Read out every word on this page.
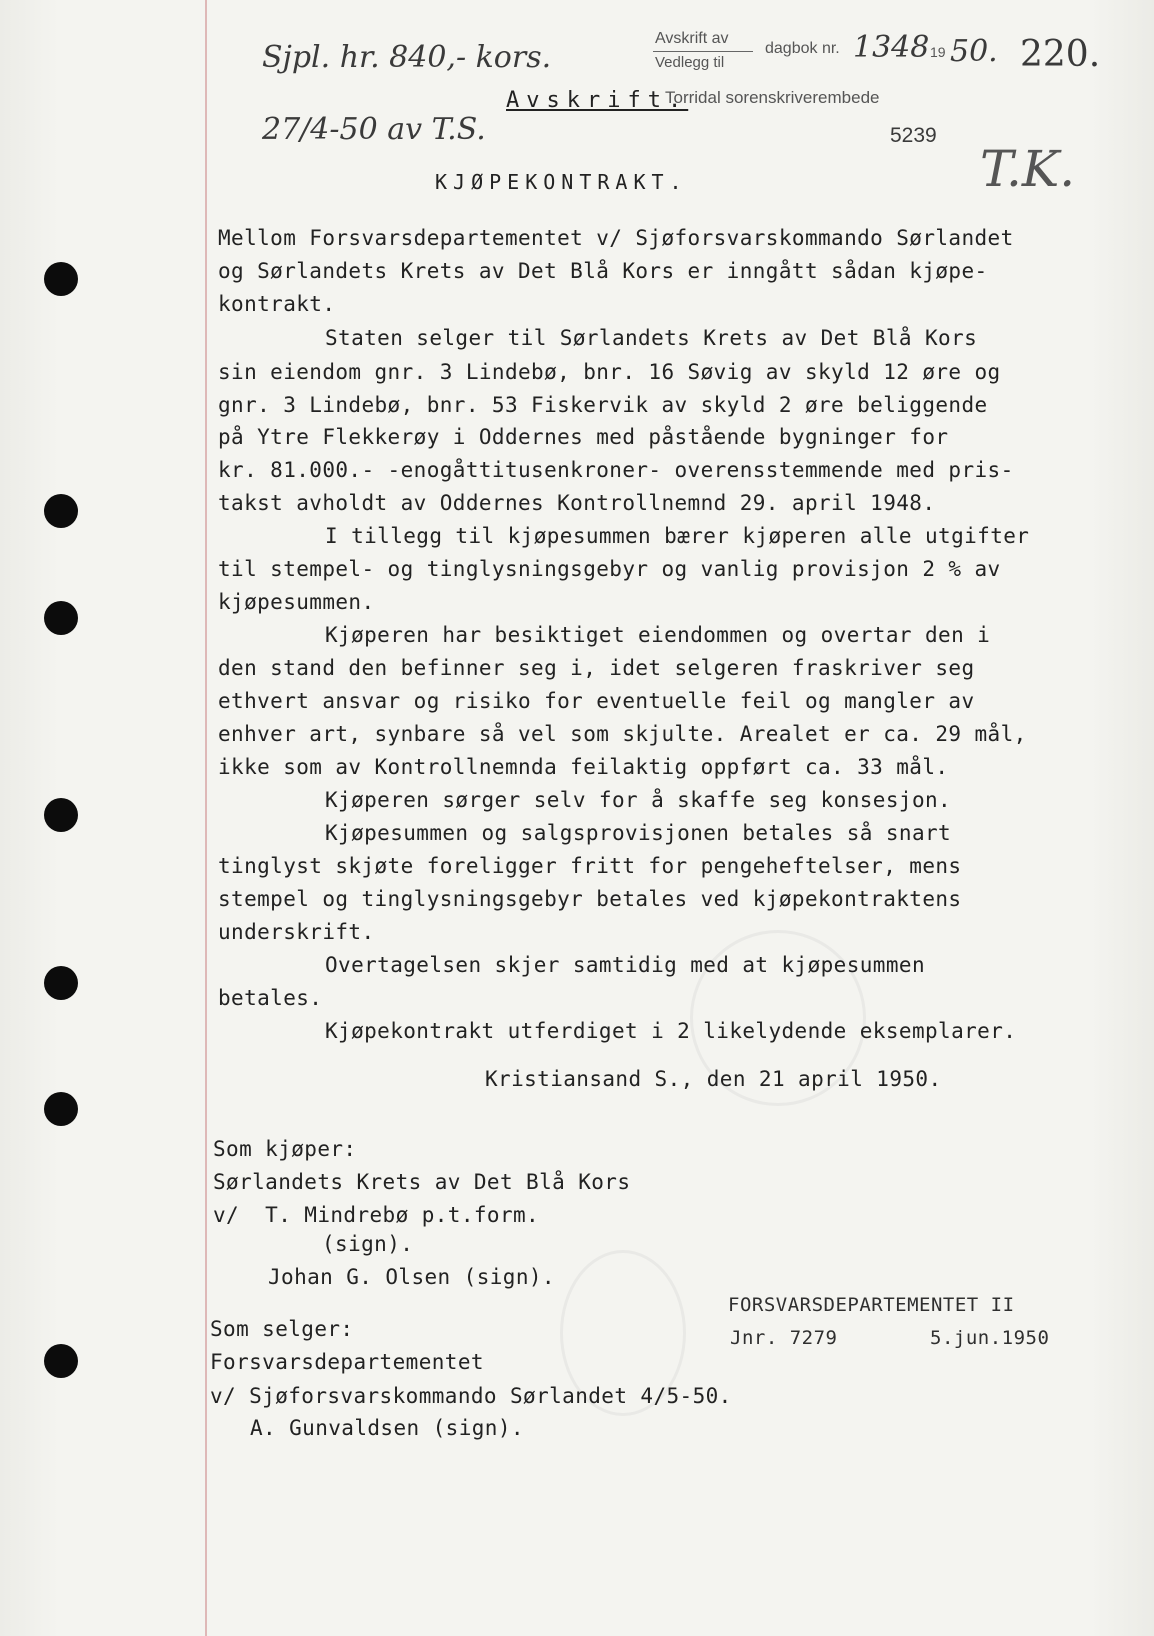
Sjpl. hr. 840,- kors.
27/4-50 av T.S.
Avskrift av
Vedlegg til
dagbok nr. 1348 19 50. 220.
Avskrift.
Torridal sorenskriverembede
5239
T.K.
KJØPEKONTRAKT.
Mellom Forsvarsdepartementet v/ Sjøforsvarskommando Sørlandet
og Sørlandets Krets av Det Blå Kors er inngått sådan kjøpe-
kontrakt.
Staten selger til Sørlandets Krets av Det Blå Kors
sin eiendom gnr. 3 Lindebø, bnr. 16 Søvig av skyld 12 øre og
gnr. 3 Lindebø, bnr. 53 Fiskervik av skyld 2 øre beliggende
på Ytre Flekkerøy i Oddernes med påstående bygninger for
kr. 81.000.- -enogåttitusenkroner- overensstemmende med pris-
takst avholdt av Oddernes Kontrollnemnd 29. april 1948.
I tillegg til kjøpesummen bærer kjøperen alle utgifter
til stempel- og tinglysningsgebyr og vanlig provisjon 2 % av
kjøpesummen.
Kjøperen har besiktiget eiendommen og overtar den i
den stand den befinner seg i, idet selgeren fraskriver seg
ethvert ansvar og risiko for eventuelle feil og mangler av
enhver art, synbare så vel som skjulte. Arealet er ca. 29 mål,
ikke som av Kontrollnemnda feilaktig oppført ca. 33 mål.
Kjøperen sørger selv for å skaffe seg konsesjon.
Kjøpesummen og salgsprovisjonen betales så snart
tinglyst skjøte foreligger fritt for pengeheftelser, mens
stempel og tinglysningsgebyr betales ved kjøpekontraktens
underskrift.
Overtagelsen skjer samtidig med at kjøpesummen
betales.
Kjøpekontrakt utferdiget i 2 likelydende eksemplarer.
Kristiansand S., den 21 april 1950.
Som kjøper:
Sørlandets Krets av Det Blå Kors
v/  T. Mindrebø p.t.form.
(sign).
Johan G. Olsen (sign).
Som selger:
Forsvarsdepartementet
v/ Sjøforsvarskommando Sørlandet 4/5-50.
A. Gunvaldsen (sign).
FORSVARSDEPARTEMENTET II
Jnr. 7279	5.jun.1950
